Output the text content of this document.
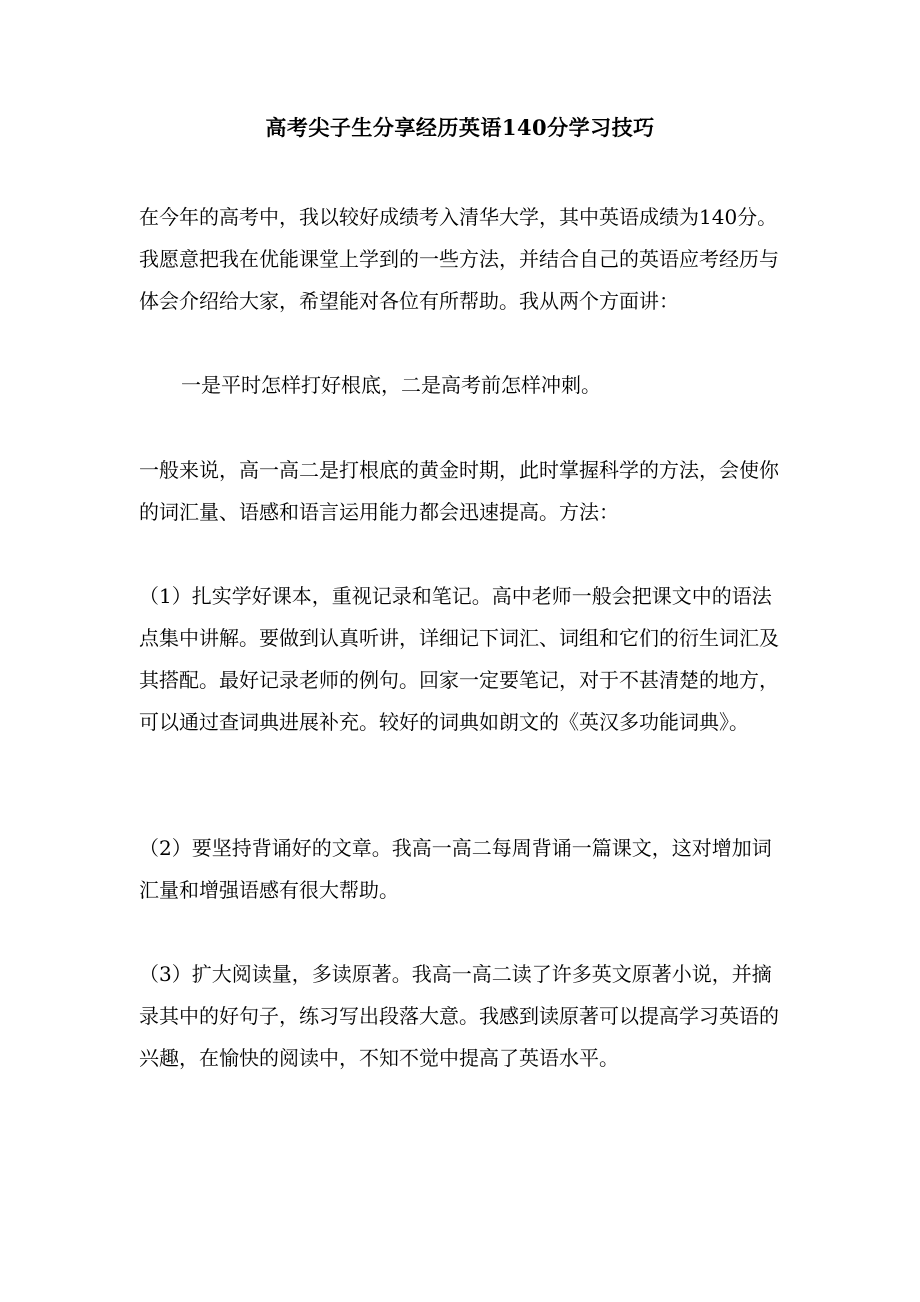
高考尖子生分享经历英语140分学习技巧

在今年的高考中，我以较好成绩考入清华大学，其中英语成绩为140分。我愿意把我在优能课堂上学到的一些方法，并结合自己的英语应考经历与体会介绍给大家，希望能对各位有所帮助。我从两个方面讲：

一是平时怎样打好根底，二是高考前怎样冲刺。

一般来说，高一高二是打根底的黄金时期，此时掌握科学的方法，会使你的词汇量、语感和语言运用能力都会迅速提高。方法：

（1）扎实学好课本，重视记录和笔记。高中老师一般会把课文中的语法点集中讲解。要做到认真听讲，详细记下词汇、词组和它们的衍生词汇及其搭配。最好记录老师的例句。回家一定要笔记，对于不甚清楚的地方，可以通过查词典进展补充。较好的词典如朗文的《英汉多功能词典》。

（2）要坚持背诵好的文章。我高一高二每周背诵一篇课文，这对增加词汇量和增强语感有很大帮助。

（3）扩大阅读量，多读原著。我高一高二读了许多英文原著小说，并摘录其中的好句子，练习写出段落大意。我感到读原著可以提高学习英语的兴趣，在愉快的阅读中，不知不觉中提高了英语水平。
